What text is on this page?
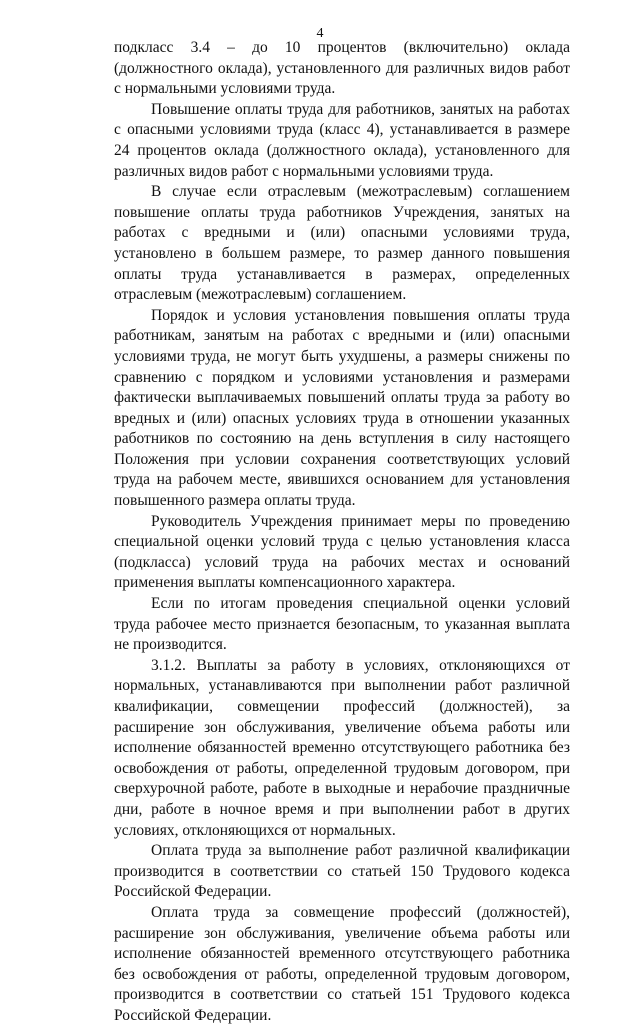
4

подкласс 3.4 – до 10 процентов (включительно) оклада (должностного оклада), установленного для различных видов работ с нормальными условиями труда.

Повышение оплаты труда для работников, занятых на работах с опасными условиями труда (класс 4), устанавливается в размере 24 процентов оклада (должностного оклада), установленного для различных видов работ с нормальными условиями труда.

В случае если отраслевым (межотраслевым) соглашением повышение оплаты труда работников Учреждения, занятых на работах с вредными и (или) опасными условиями труда, установлено в большем размере, то размер данного повышения оплаты труда устанавливается в размерах, определенных отраслевым (межотраслевым) соглашением.

Порядок и условия установления повышения оплаты труда работникам, занятым на работах с вредными и (или) опасными условиями труда, не могут быть ухудшены, а размеры снижены по сравнению с порядком и условиями установления и размерами фактически выплачиваемых повышений оплаты труда за работу во вредных и (или) опасных условиях труда в отношении указанных работников по состоянию на день вступления в силу настоящего Положения при условии сохранения соответствующих условий труда на рабочем месте, явившихся основанием для установления повышенного размера оплаты труда.

Руководитель Учреждения принимает меры по проведению специальной оценки условий труда с целью установления класса (подкласса) условий труда на рабочих местах и оснований применения выплаты компенсационного характера.

Если по итогам проведения специальной оценки условий труда рабочее место признается безопасным, то указанная выплата не производится.

3.1.2. Выплаты за работу в условиях, отклоняющихся от нормальных, устанавливаются при выполнении работ различной квалификации, совмещении профессий (должностей), за расширение зон обслуживания, увеличение объема работы или исполнение обязанностей временно отсутствующего работника без освобождения от работы, определенной трудовым договором, при сверхурочной работе, работе в выходные и нерабочие праздничные дни, работе в ночное время и при выполнении работ в других условиях, отклоняющихся от нормальных.

Оплата труда за выполнение работ различной квалификации производится в соответствии со статьей 150 Трудового кодекса Российской Федерации.

Оплата труда за совмещение профессий (должностей), расширение зон обслуживания, увеличение объема работы или исполнение обязанностей временного отсутствующего работника без освобождения от работы, определенной трудовым договором, производится в соответствии со статьей 151 Трудового кодекса Российской Федерации.
